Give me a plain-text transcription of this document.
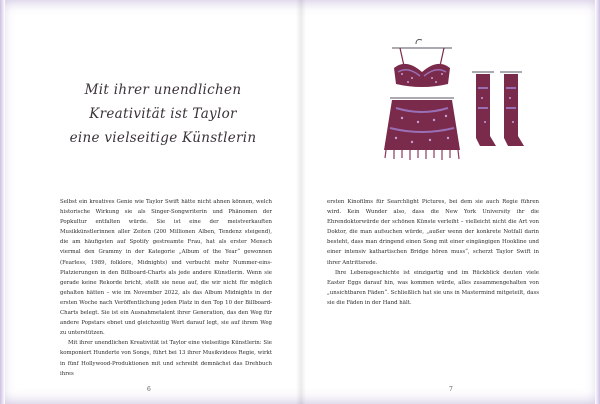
Mit ihrer unendlichen
Kreativität ist Taylor
eine vielseitige Künstlerin

Selbst ein kreatives Genie wie Taylor Swift hätte nicht ahnen können, welch historische Wirkung sie als Singer-Songwriterin und Phänomen der Popkultur entfalten würde. Sie ist eine der meistverkauften Musikkünstlerinnen aller Zeiten (200 Millionen Alben, Tendenz steigend), die am häufigsten auf Spotify gestreamte Frau, hat als erster Mensch viermal den Grammy in der Kategorie „Album of the Year“ gewonnen (Fearless, 1989, folklore, Midnights) und verbucht mehr Nummer-eins-Platzierungen in den Billboard-Charts als jede andere Künstlerin. Wenn sie gerade keine Rekorde bricht, stellt sie neue auf, die wir nicht für möglich gehalten hätten – wie im November 2022, als das Album Midnights in der ersten Woche nach Veröffentlichung jeden Platz in den Top 10 der Billboard-Charts belegt. Sie ist ein Ausnahmetalent ihrer Generation, das den Weg für andere Popstars ebnet und gleichzeitig Wert darauf legt, sie auf ihrem Weg zu unterstützen.

Mit ihrer unendlichen Kreativität ist Taylor eine vielseitige Künstlerin: Sie komponiert Hunderte von Songs, führt bei 13 ihrer Musikvideos Regie, wirkt in fünf Hollywood-Produktionen mit und schreibt demnächst das Drehbuch ihres

ersten Kinofilms für Searchlight Pictures, bei dem sie auch Regie führen wird. Kein Wunder also, dass die New York University ihr die Ehrendoktorwürde der schönen Künste verleiht – vielleicht nicht die Art von Doktor, die man aufsuchen würde, „außer wenn der konkrete Notfall darin besteht, dass man dringend einen Song mit einer eingängigen Hookline und einer intensiv kathartischen Bridge hören muss“, scherzt Taylor Swift in ihrer Antrittsrede.

Ihre Lebensgeschichte ist einzigartig und im Rückblick deuten viele Easter Eggs darauf hin, was kommen würde, alles zusammengehalten von „unsichtbaren Fäden“. Schließlich hat sie uns in Mastermind mitgeteilt, dass sie die Fäden in der Hand hält.

6	7
